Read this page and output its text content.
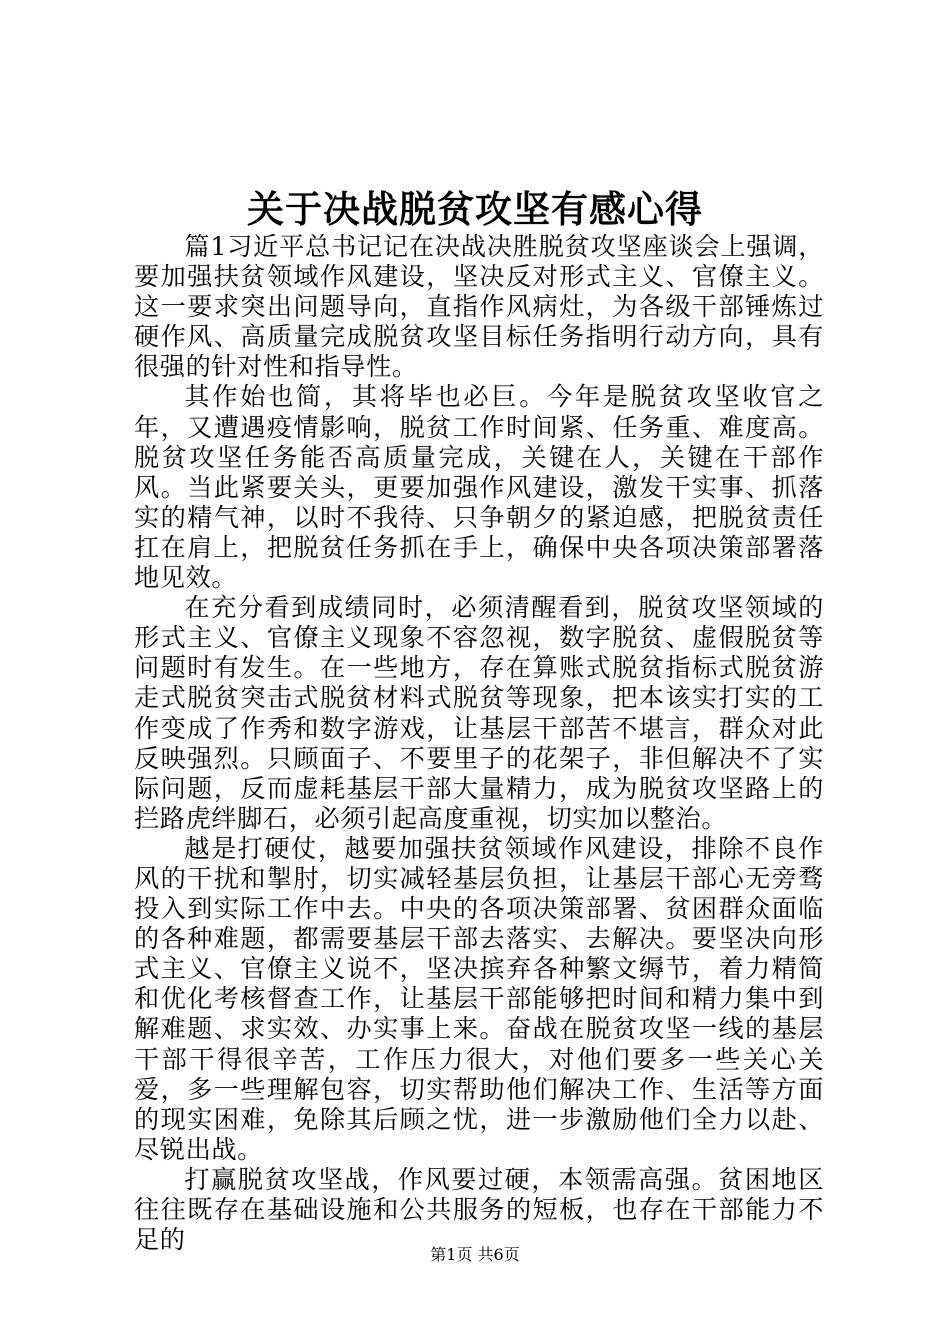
关于决战脱贫攻坚有感心得

篇1习近平总书记记在决战决胜脱贫攻坚座谈会上强调，要加强扶贫领域作风建设，坚决反对形式主义、官僚主义。这一要求突出问题导向，直指作风病灶，为各级干部锤炼过硬作风、高质量完成脱贫攻坚目标任务指明行动方向，具有很强的针对性和指导性。

其作始也简，其将毕也必巨。今年是脱贫攻坚收官之年，又遭遇疫情影响，脱贫工作时间紧、任务重、难度高。脱贫攻坚任务能否高质量完成，关键在人，关键在干部作风。当此紧要关头，更要加强作风建设，激发干实事、抓落实的精气神，以时不我待、只争朝夕的紧迫感，把脱贫责任扛在肩上，把脱贫任务抓在手上，确保中央各项决策部署落地见效。

在充分看到成绩同时，必须清醒看到，脱贫攻坚领域的形式主义、官僚主义现象不容忽视，数字脱贫、虚假脱贫等问题时有发生。在一些地方，存在算账式脱贫指标式脱贫游走式脱贫突击式脱贫材料式脱贫等现象，把本该实打实的工作变成了作秀和数字游戏，让基层干部苦不堪言，群众对此反映强烈。只顾面子、不要里子的花架子，非但解决不了实际问题，反而虚耗基层干部大量精力，成为脱贫攻坚路上的拦路虎绊脚石，必须引起高度重视，切实加以整治。

越是打硬仗，越要加强扶贫领域作风建设，排除不良作风的干扰和掣肘，切实减轻基层负担，让基层干部心无旁骛投入到实际工作中去。中央的各项决策部署、贫困群众面临的各种难题，都需要基层干部去落实、去解决。要坚决向形式主义、官僚主义说不，坚决摈弃各种繁文缛节，着力精简和优化考核督查工作，让基层干部能够把时间和精力集中到解难题、求实效、办实事上来。奋战在脱贫攻坚一线的基层干部干得很辛苦，工作压力很大，对他们要多一些关心关爱，多一些理解包容，切实帮助他们解决工作、生活等方面的现实困难，免除其后顾之忧，进一步激励他们全力以赴、尽锐出战。

打赢脱贫攻坚战，作风要过硬，本领需高强。贫困地区往往既存在基础设施和公共服务的短板，也存在干部能力不足的

第1页 共6页
